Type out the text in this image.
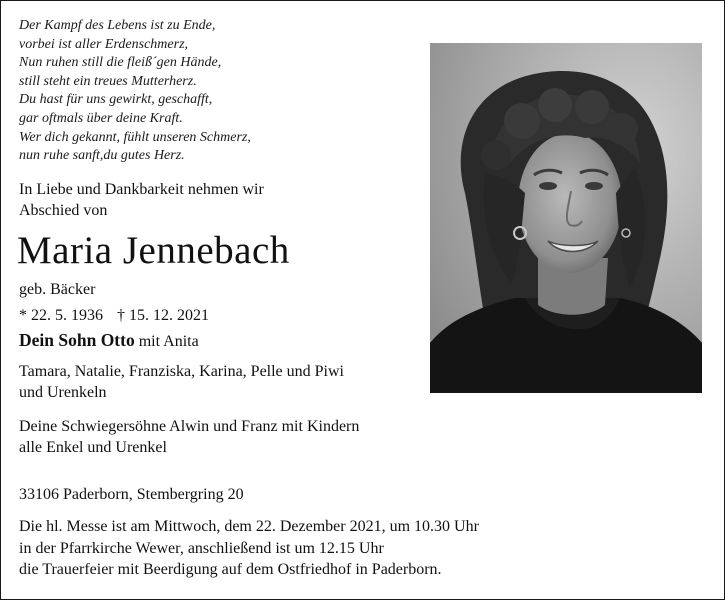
Der Kampf des Lebens ist zu Ende,
vorbei ist aller Erdenschmerz,
Nun ruhen still die fleiß´gen Hände,
still steht ein treues Mutterherz.
Du hast für uns gewirkt, geschafft,
gar oftmals über deine Kraft.
Wer dich gekannt, fühlt unseren Schmerz,
nun ruhe sanft,du gutes Herz.
In Liebe und Dankbarkeit nehmen wir
Abschied von
Maria Jennebach
geb. Bäcker
* 22. 5. 1936 † 15. 12. 2021
Dein Sohn Otto mit Anita
Tamara, Natalie, Franziska, Karina, Pelle und Piwi
und Urenkeln
Deine Schwiegersöhne Alwin und Franz mit Kindern
alle Enkel und Urenkel
33106 Paderborn, Stembergring 20
Die hl. Messe ist am Mittwoch, dem 22. Dezember 2021, um 10.30 Uhr
in der Pfarrkirche Wewer, anschließend ist um 12.15 Uhr
die Trauerfeier mit Beerdigung auf dem Ostfriedhof in Paderborn.
